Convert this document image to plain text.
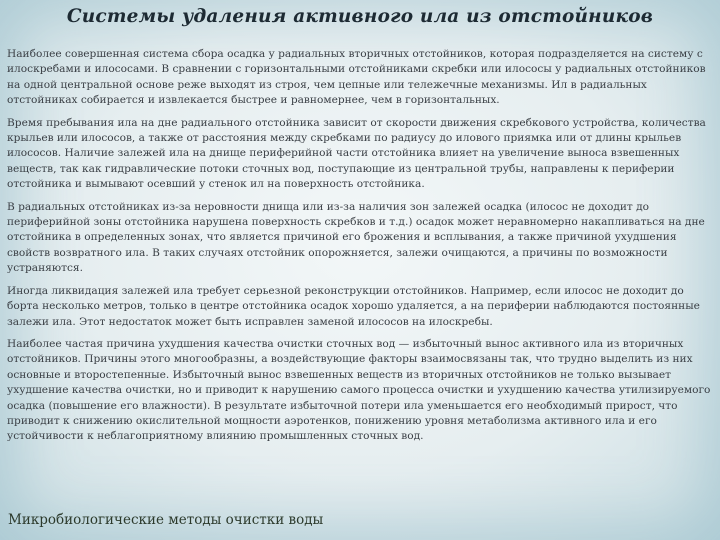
Системы удаления активного ила из отстойников

Наиболее совершенная система сбора осадка у радиальных вторичных отстойников, которая подразделяется на систему с илоскребами и илососами. В сравнении с горизонтальными отстойниками скребки или илососы у радиальных отстойников на одной центральной основе реже выходят из строя, чем цепные или тележечные механизмы. Ил в радиальных отстойниках собирается и извлекается быстрее и равномернее, чем в горизонтальных.

Время пребывания ила на дне радиального отстойника зависит от скорости движения скребкового устройства, количества крыльев или илососов, а также от расстояния между скребками по радиусу до илового приямка или от длины крыльев илососов. Наличие залежей ила на днище периферийной части отстойника влияет на увеличение выноса взвешенных веществ, так как гидравлические потоки сточных вод, поступающие из центральной трубы, направлены к периферии отстойника и вымывают осевший у стенок ил на поверхность отстойника.

В радиальных отстойниках из-за неровности днища или из-за наличия зон залежей осадка (илосос не доходит до периферийной зоны отстойника нарушена поверхность скребков и т.д.) осадок может неравномерно накапливаться на дне отстойника в определенных зонах, что является причиной его брожения и всплывания, а также причиной ухудшения свойств возвратного ила. В таких случаях отстойник опорожняется, залежи очищаются, а причины по возможности устраняются.

Иногда ликвидация залежей ила требует серьезной реконструкции отстойников. Например, если илосос не доходит до борта несколько метров, только в центре отстойника осадок хорошо удаляется, а на периферии наблюдаются постоянные залежи ила. Этот недостаток может быть исправлен заменой илососов на илоскребы.

Наиболее частая причина ухудшения качества очистки сточных вод — избыточный вынос активного ила из вторичных отстойников. Причины этого многообразны, а воздействующие факторы взаимосвязаны так, что трудно выделить из них основные и второстепенные. Избыточный вынос взвешенных веществ из вторичных отстойников не только вызывает ухудшение качества очистки, но и приводит к нарушению самого процесса очистки и ухудшению качества утилизируемого осадка (повышение его влажности). В результате избыточной потери ила уменьшается его необходимый прирост, что приводит к снижению окислительной мощности аэротенков, понижению уровня метаболизма активного ила и его устойчивости к неблагоприятному влиянию промышленных сточных вод.

Микробиологические методы очистки воды
